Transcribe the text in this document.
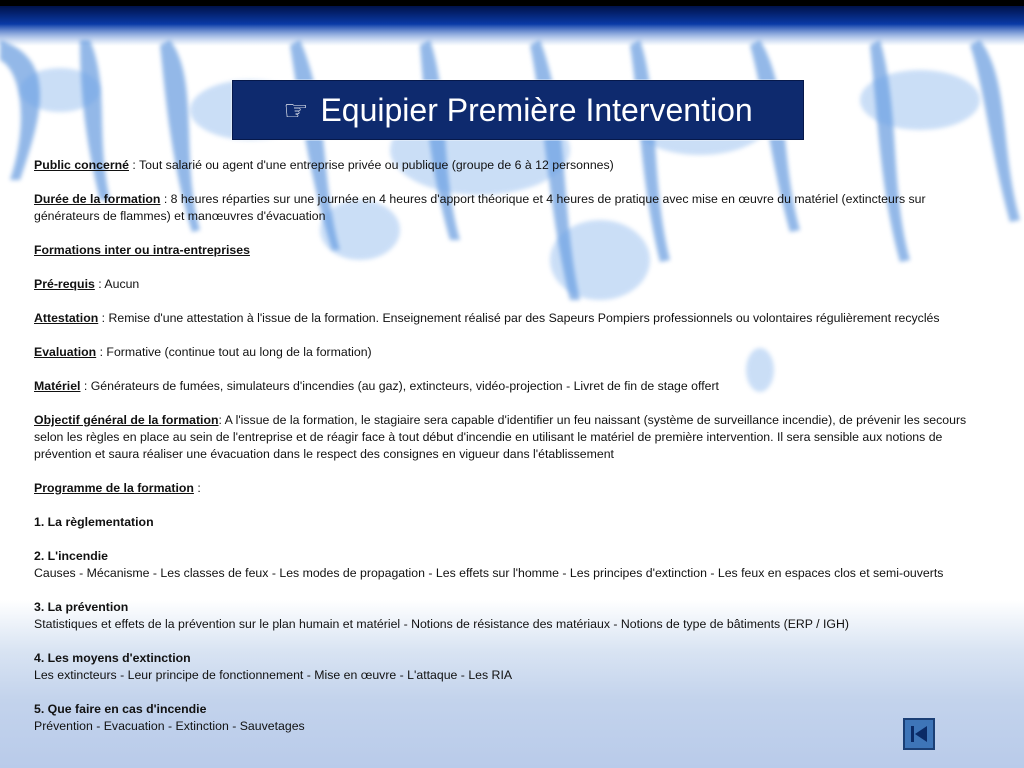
☞ Equipier Première Intervention

Public concerné : Tout salarié ou agent d'une entreprise privée ou publique (groupe de 6 à 12 personnes)

Durée de la formation : 8 heures réparties sur une journée en 4 heures d'apport théorique et 4 heures de pratique avec mise en œuvre du matériel (extincteurs sur générateurs de flammes) et manœuvres d'évacuation

Formations inter ou intra-entreprises

Pré-requis : Aucun

Attestation : Remise d'une attestation à l'issue de la formation. Enseignement réalisé par des Sapeurs Pompiers professionnels ou volontaires régulièrement recyclés

Evaluation : Formative (continue tout au long de la formation)

Matériel : Générateurs de fumées, simulateurs d'incendies (au gaz), extincteurs, vidéo-projection - Livret de fin de stage offert

Objectif général de la formation: A l'issue de la formation, le stagiaire sera capable d'identifier un feu naissant (système de surveillance incendie), de prévenir les secours selon les règles en place au sein de l'entreprise et de réagir face à tout début d'incendie en utilisant le matériel de première intervention. Il sera sensible aux notions de prévention et saura réaliser une évacuation dans le respect des consignes en vigueur dans l'établissement

Programme de la formation :

1. La règlementation

2. L'incendie
Causes - Mécanisme - Les classes de feux - Les modes de propagation - Les effets sur l'homme - Les principes d'extinction - Les feux en espaces clos et semi-ouverts

3. La prévention
Statistiques et effets de la prévention sur le plan humain et matériel - Notions de résistance des matériaux - Notions de type de bâtiments (ERP / IGH)

4. Les moyens d'extinction
Les extincteurs - Leur principe de fonctionnement - Mise en œuvre - L'attaque - Les RIA

5. Que faire en cas d'incendie
Prévention - Evacuation - Extinction - Sauvetages
